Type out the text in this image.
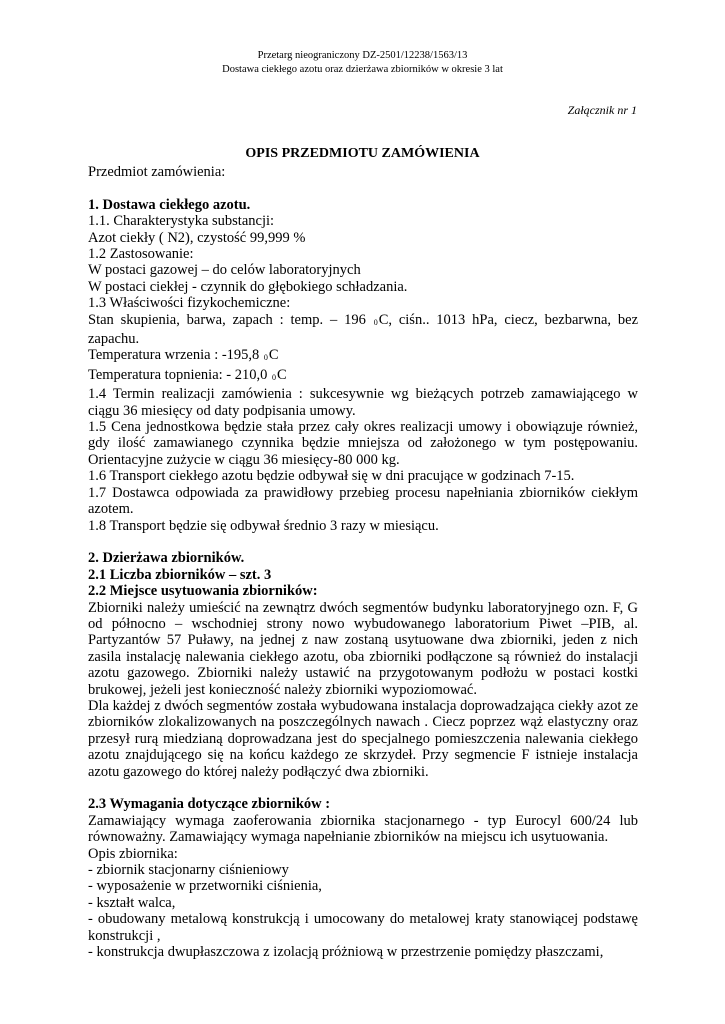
Przetarg nieograniczony DZ-2501/12238/1563/13
Dostawa ciekłego azotu oraz dzierżawa zbiorników w okresie 3 lat
Załącznik nr 1
OPIS PRZEDMIOTU ZAMÓWIENIA

Przedmiot zamówienia:

1. Dostawa ciekłego azotu.

1.1. Charakterystyka substancji:

Azot ciekły ( N2), czystość 99,999 %

1.2 Zastosowanie:

W postaci gazowej – do celów laboratoryjnych

W postaci ciekłej - czynnik do głębokiego schładzania.

1.3 Właściwości fizykochemiczne:

Stan skupienia, barwa, zapach : temp. – 196 0C, ciśn.. 1013 hPa, ciecz, bezbarwna, bez zapachu.

Temperatura wrzenia : -195,8 0C

Temperatura topnienia: - 210,0 0C

1.4 Termin realizacji zamówienia : sukcesywnie wg bieżących potrzeb zamawiającego w ciągu 36 miesięcy od daty podpisania umowy.

1.5 Cena jednostkowa będzie stała przez cały okres realizacji umowy i obowiązuje również, gdy ilość zamawianego czynnika będzie mniejsza od założonego w tym postępowaniu. Orientacyjne zużycie w ciągu 36 miesięcy-80 000 kg.

1.6 Transport ciekłego azotu będzie odbywał się w dni pracujące w godzinach 7-15.

1.7 Dostawca odpowiada za prawidłowy przebieg procesu napełniania zbiorników ciekłym azotem.

1.8 Transport będzie się odbywał średnio 3 razy w miesiącu.

2. Dzierżawa zbiorników.

2.1 Liczba zbiorników – szt. 3

2.2 Miejsce usytuowania zbiorników:

Zbiorniki należy umieścić na zewnątrz dwóch segmentów budynku laboratoryjnego ozn. F, G od północno – wschodniej strony nowo wybudowanego laboratorium Piwet –PIB, al. Partyzantów 57 Puławy, na jednej z naw zostaną usytuowane dwa zbiorniki, jeden z nich zasila instalację nalewania ciekłego azotu, oba zbiorniki podłączone są również do instalacji azotu gazowego. Zbiorniki należy ustawić na przygotowanym podłożu w postaci kostki brukowej, jeżeli jest konieczność należy zbiorniki wypoziomować.

Dla każdej z dwóch segmentów została wybudowana instalacja doprowadzająca ciekły azot ze zbiorników zlokalizowanych na poszczególnych nawach . Ciecz poprzez wąż elastyczny oraz przesył rurą miedzianą doprowadzana jest do specjalnego pomieszczenia nalewania ciekłego azotu znajdującego się na końcu każdego ze skrzydeł. Przy segmencie F istnieje instalacja azotu gazowego do której należy podłączyć dwa zbiorniki.

2.3 Wymagania dotyczące zbiorników :

Zamawiający wymaga zaoferowania zbiornika stacjonarnego - typ Eurocyl 600/24 lub równoważny. Zamawiający wymaga napełnianie zbiorników na miejscu ich usytuowania.

Opis zbiornika:

- zbiornik stacjonarny ciśnieniowy

- wyposażenie w przetworniki ciśnienia,

- kształt walca,

- obudowany metalową konstrukcją i umocowany do metalowej kraty stanowiącej podstawę konstrukcji ,

- konstrukcja dwupłaszczowa z izolacją próżniową w przestrzenie pomiędzy płaszczami,
